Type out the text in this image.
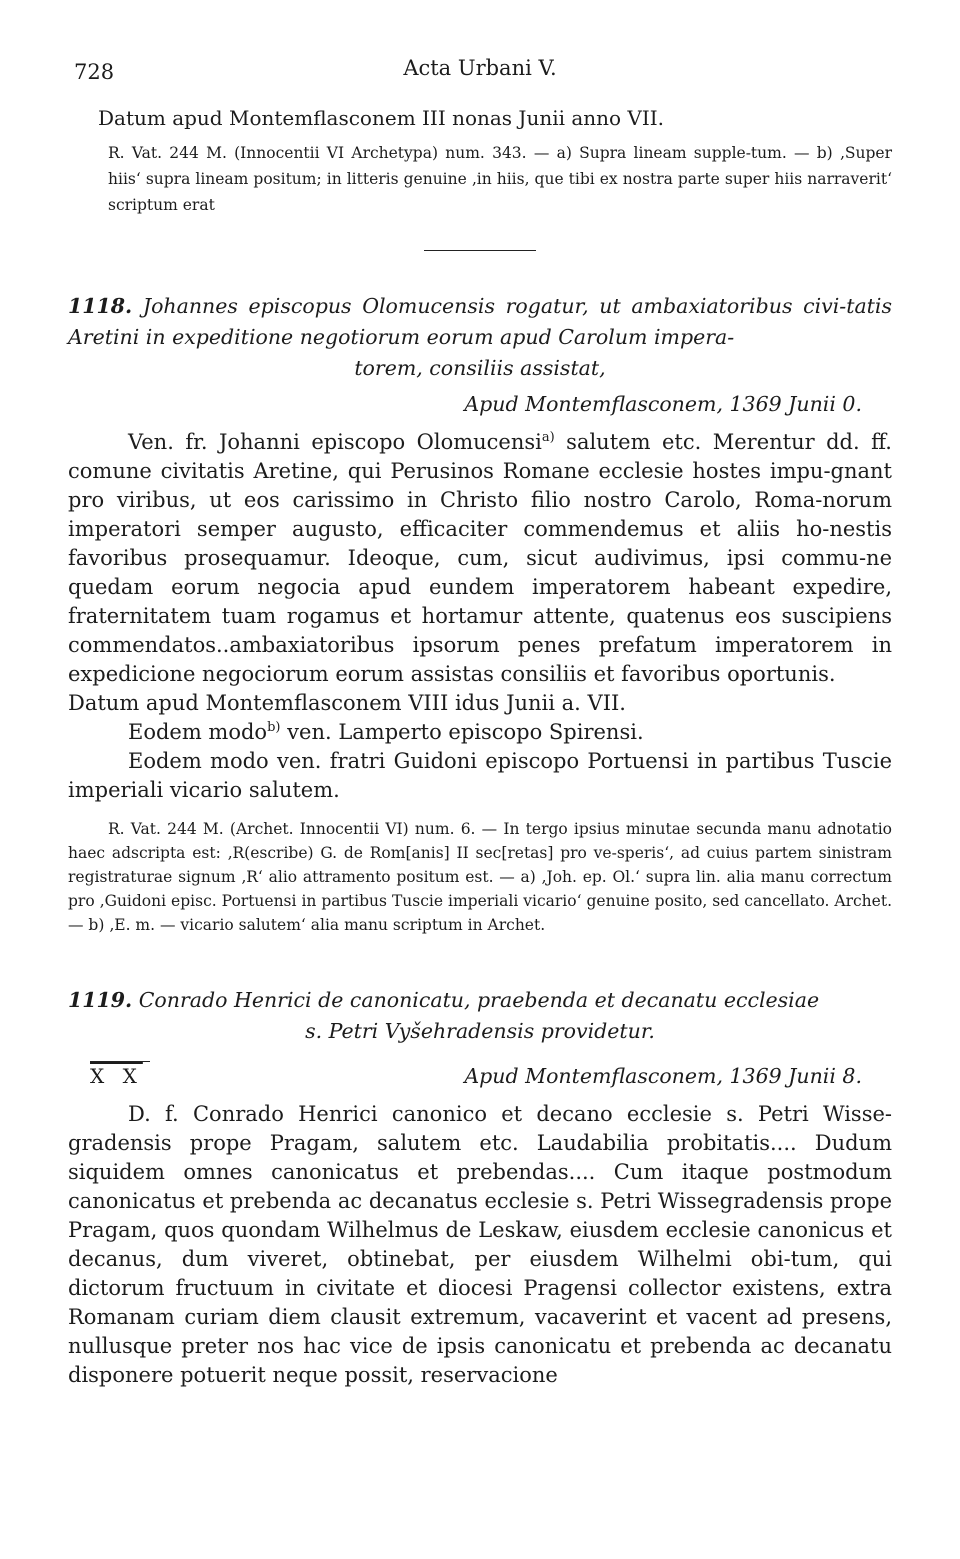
728	Acta Urbani V.
Datum apud Montemflasconem III nonas Junii anno VII.
R. Vat. 244 M. (Innocentii VI Archetypa) num. 343. — a) Supra lineam supple-tum. — b) ‚Super hiis‘ supra lineam positum; in litteris genuine ‚in hiis, que tibi ex nostra parte super hiis narraverit‘ scriptum erat
1118. Johannes episcopus Olomucensis rogatur, ut ambaxiatoribus civi-tatis Aretini in expeditione negotiorum eorum apud Carolum impera-
torem, consiliis assistat,
Apud Montemflasconem, 1369 Junii 0.

Ven. fr. Johanni episcopo Olomucensi$^{a)}$ salutem etc. Merentur dd. ff. comune civitatis Aretine, qui Perusinos Romane ecclesie hostes impu-gnant pro viribus, ut eos carissimo in Christo filio nostro Carolo, Roma-norum imperatori semper augusto, efficaciter commendemus et aliis ho-nestis favoribus prosequamur. Ideoque, cum, sicut audivimus, ipsi commu-ne quedam eorum negocia apud eundem imperatorem habeant expedire, fraternitatem tuam rogamus et hortamur attente, quatenus eos suscipiens commendatos..ambaxiatoribus ipsorum penes prefatum imperatorem in expedicione negociorum eorum assistas consiliis et favoribus oportunis.

Datum apud Montemflasconem VIII idus Junii a. VII.

Eodem modo$^{b)}$ ven. Lamperto episcopo Spirensi.

Eodem modo ven. fratri Guidoni episcopo Portuensi in partibus Tuscie imperiali vicario salutem.

R. Vat. 244 M. (Archet. Innocentii VI) num. 6. — In tergo ipsius minutae secunda manu adnotatio haec adscripta est: ‚R(escribe) G. de Rom[anis] II sec[retas] pro ve-speris‘, ad cuius partem sinistram registraturae signum ‚R‘ alio attramento positum est. — a) ‚Joh. ep. Ol.‘ supra lin. alia manu correctum pro ‚Guidoni episc. Portuensi in partibus Tuscie imperiali vicario‘ genuine posito, sed cancellato. Archet. — b) ‚E. m. — vicario salutem‘ alia manu scriptum in Archet.
1119. Conrado Henrici de canonicatu, praebenda et decanatu ecclesiae
s. Petri Vyšehradensis providetur.
X X	Apud Montemflasconem, 1369 Junii 8.

D. f. Conrado Henrici canonico et decano ecclesie s. Petri Wisse-gradensis prope Pragam, salutem etc. Laudabilia probitatis.... Dudum siquidem omnes canonicatus et prebendas.... Cum itaque postmodum canonicatus et prebenda ac decanatus ecclesie s. Petri Wissegradensis prope Pragam, quos quondam Wilhelmus de Leskaw, eiusdem ecclesie canonicus et decanus, dum viveret, obtinebat, per eiusdem Wilhelmi obi-tum, qui dictorum fructuum in civitate et diocesi Pragensi collector existens, extra Romanam curiam diem clausit extremum, vacaverint et vacent ad presens, nullusque preter nos hac vice de ipsis canonicatu et prebenda ac decanatu disponere potuerit neque possit, reservacione
